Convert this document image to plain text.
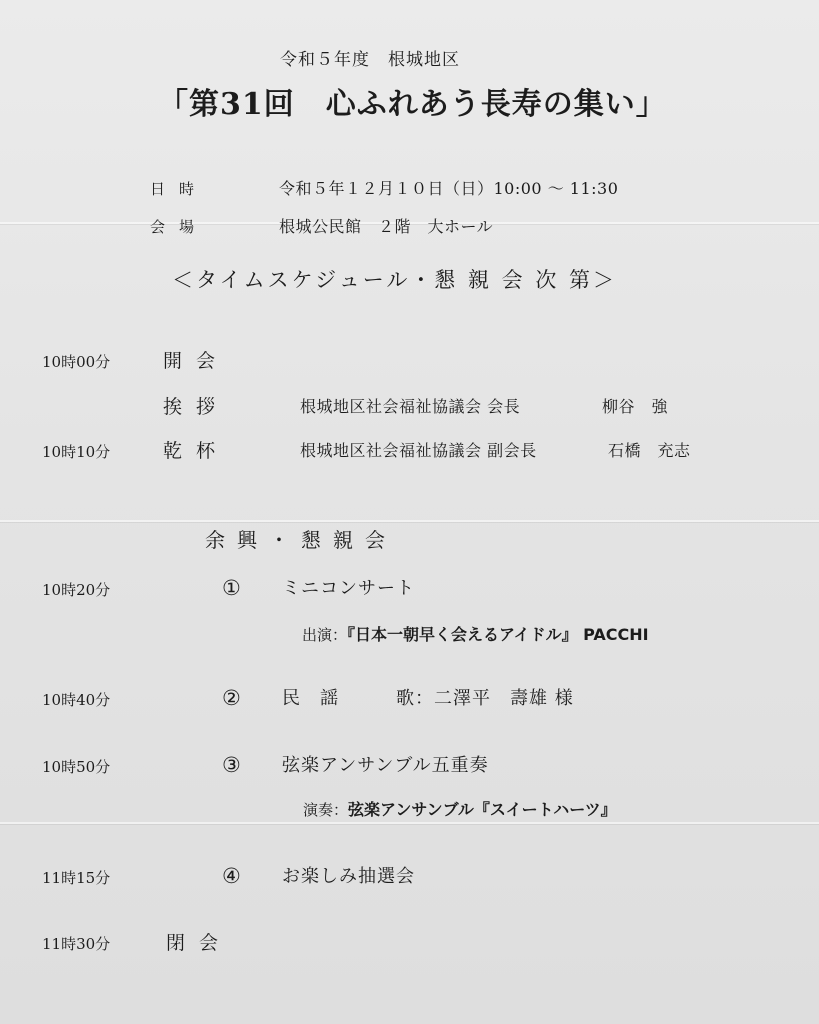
令和５年度　根城地区
「第31回　心ふれあう長寿の集い」
日時	令和５年１２月１０日（日）10:00 ～ 11:30
会場	根城公民館　２階　大ホール
＜タイムスケジュール・懇 親 会 次 第＞
10時00分	開会
挨拶	根城地区社会福祉協議会 会長	柳谷　強
10時10分	乾杯	根城地区社会福祉協議会 副会長	石橋　充志
余興・懇親会
10時20分	① ミニコンサート
出演：『日本一朝早く会えるアイドル』 PACCHI
10時40分	② 民　謡	歌：二澤平　壽雄 様
10時50分	③ 弦楽アンサンブル五重奏
演奏：弦楽アンサンブル『スイートハーツ』
11時15分	④ お楽しみ抽選会
11時30分	閉会
